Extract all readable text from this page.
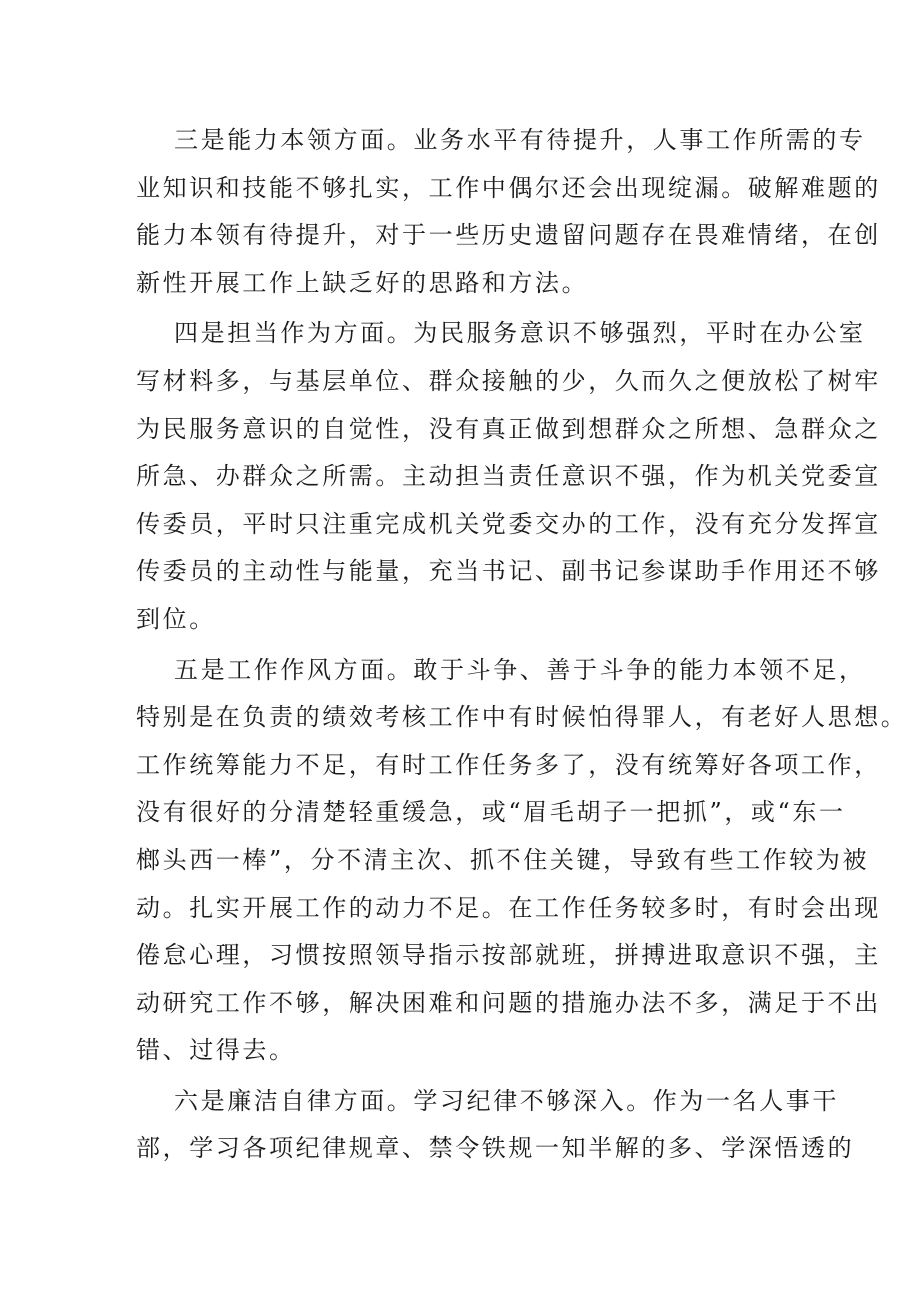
三是能力本领方面。业务水平有待提升，人事工作所需的专
业知识和技能不够扎实，工作中偶尔还会出现绽漏。破解难题的
能力本领有待提升，对于一些历史遗留问题存在畏难情绪，在创
新性开展工作上缺乏好的思路和方法。

四是担当作为方面。为民服务意识不够强烈，平时在办公室
写材料多，与基层单位、群众接触的少，久而久之便放松了树牢
为民服务意识的自觉性，没有真正做到想群众之所想、急群众之
所急、办群众之所需。主动担当责任意识不强，作为机关党委宣
传委员，平时只注重完成机关党委交办的工作，没有充分发挥宣
传委员的主动性与能量，充当书记、副书记参谋助手作用还不够
到位。

五是工作作风方面。敢于斗争、善于斗争的能力本领不足，
特别是在负责的绩效考核工作中有时候怕得罪人，有老好人思想。
工作统筹能力不足，有时工作任务多了，没有统筹好各项工作，
没有很好的分清楚轻重缓急，或“眉毛胡子一把抓”，或“东一
榔头西一棒”，分不清主次、抓不住关键，导致有些工作较为被
动。扎实开展工作的动力不足。在工作任务较多时，有时会出现
倦怠心理，习惯按照领导指示按部就班，拼搏进取意识不强，主
动研究工作不够，解决困难和问题的措施办法不多，满足于不出
错、过得去。

六是廉洁自律方面。学习纪律不够深入。作为一名人事干
部，学习各项纪律规章、禁令铁规一知半解的多、学深悟透的
